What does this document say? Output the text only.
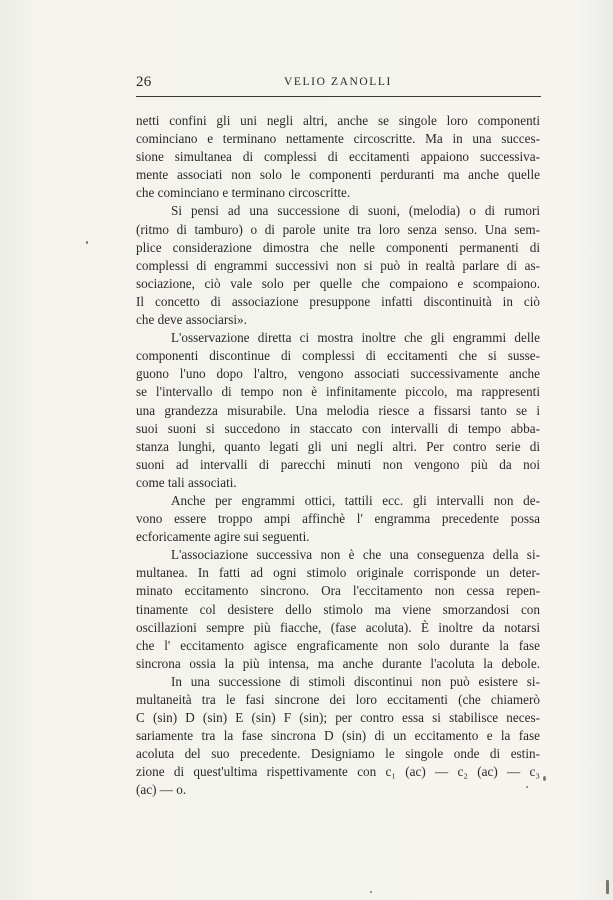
26	VELIO ZANOLLI
netti confini gli uni negli altri, anche se singole loro componenti
cominciano e terminano nettamente circoscritte. Ma in una succes-
sione simultanea di complessi di eccitamenti appaiono successiva-
mente associati non solo le componenti perduranti ma anche quelle
che cominciano e terminano circoscritte.
Si pensi ad una successione di suoni, (melodia) o di rumori
(ritmo di tamburo) o di parole unite tra loro senza senso. Una sem-
plice considerazione dimostra che nelle componenti permanenti di
complessi di engrammi successivi non si può in realtà parlare di as-
sociazione, ciò vale solo per quelle che compaiono e scompaiono.
Il concetto di associazione presuppone infatti discontinuità in ciò
che deve associarsi».
L'osservazione diretta ci mostra inoltre che gli engrammi delle
componenti discontinue di complessi di eccitamenti che si susse-
guono l'uno dopo l'altro, vengono associati successivamente anche
se l'intervallo di tempo non è infinitamente piccolo, ma rappresenti
una grandezza misurabile. Una melodia riesce a fissarsi tanto se i
suoi suoni si succedono in staccato con intervalli di tempo abba-
stanza lunghi, quanto legati gli uni negli altri. Per contro serie di
suoni ad intervalli di parecchi minuti non vengono più da noi
come tali associati.
Anche per engrammi ottici, tattili ecc. gli intervalli non de-
vono essere troppo ampi affinchè l' engramma precedente possa
ecforicamente agire sui seguenti.
L'associazione successiva non è che una conseguenza della si-
multanea. In fatti ad ogni stimolo originale corrisponde un deter-
minato eccitamento sincrono. Ora l'eccitamento non cessa repen-
tinamente col desistere dello stimolo ma viene smorzandosi con
oscillazioni sempre più fiacche, (fase acoluta). È inoltre da notarsi
che l' eccitamento agisce engraficamente non solo durante la fase
sincrona ossia la più intensa, ma anche durante l'acoluta la debole.
In una successione di stimoli discontinui non può esistere si-
multaneità tra le fasi sincrone dei loro eccitamenti (che chiamerò
C (sin) D (sin) E (sin) F (sin); per contro essa si stabilisce neces-
sariamente tra la fase sincrona D (sin) di un eccitamento e la fase
acoluta del suo precedente. Designiamo le singole onde di estin-
zione di quest'ultima rispettivamente con c₁ (ac) — c₂ (ac) — c₃
(ac) — o.
